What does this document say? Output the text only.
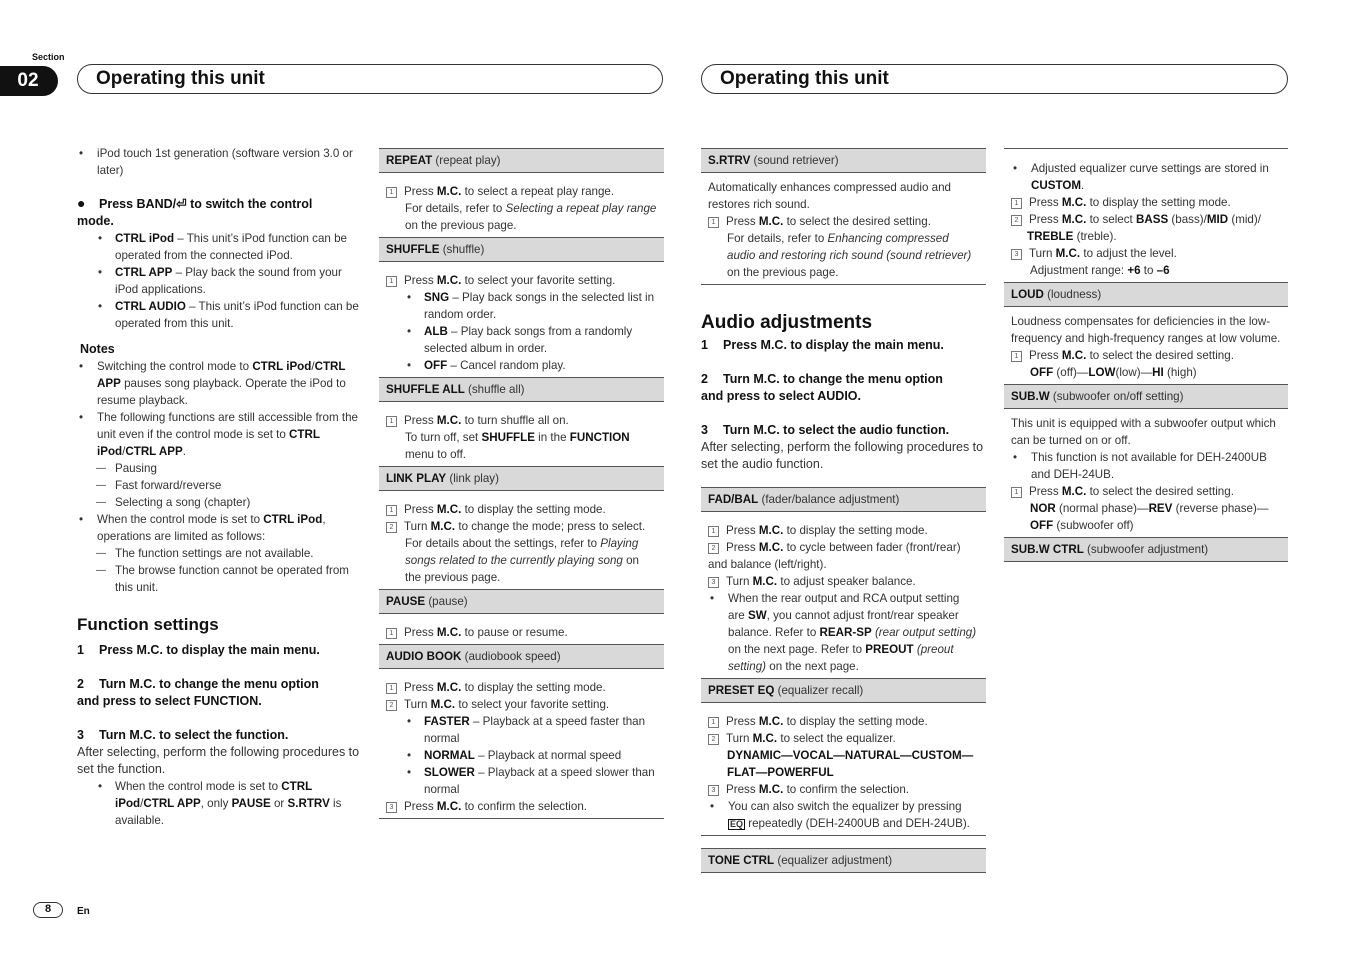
Section
02	Operating this unit	Operating this unit

• iPod touch 1st generation (software version 3.0 or later)

● Press BAND/⏎ to switch the control

mode.

• CTRL iPod – This unit’s iPod function can be operated from the connected iPod.

• CTRL APP – Play back the sound from your iPod applications.

• CTRL AUDIO – This unit’s iPod function can be operated from this unit.

Notes

• Switching the control mode to CTRL iPod/CTRL APP pauses song playback. Operate the iPod to resume playback.

• The following functions are still accessible from the unit even if the control mode is set to CTRL iPod/CTRL APP.

— Pausing

— Fast forward/reverse

— Selecting a song (chapter)

• When the control mode is set to CTRL iPod, operations are limited as follows:

— The function settings are not available.

— The browse function cannot be operated from this unit.

Function settings

1 Press M.C. to display the main menu.

2 Turn M.C. to change the menu option

and press to select FUNCTION.

3 Turn M.C. to select the function.

After selecting, perform the following procedures to set the function.

• When the control mode is set to CTRL iPod/CTRL APP, only PAUSE or S.RTRV is available.

REPEAT (repeat play)

1 Press M.C. to select a repeat play range.

For details, refer to Selecting a repeat play range on the previous page.

SHUFFLE (shuffle)

1 Press M.C. to select your favorite setting.

• SNG – Play back songs in the selected list in random order.

• ALB – Play back songs from a randomly selected album in order.

• OFF – Cancel random play.

SHUFFLE ALL (shuffle all)

1 Press M.C. to turn shuffle all on.

To turn off, set SHUFFLE in the FUNCTION menu to off.

LINK PLAY (link play)

1 Press M.C. to display the setting mode.

2 Turn M.C. to change the mode; press to select.

For details about the settings, refer to Playing songs related to the currently playing song on the previous page.

PAUSE (pause)

1 Press M.C. to pause or resume.

AUDIO BOOK (audiobook speed)

1 Press M.C. to display the setting mode.

2 Turn M.C. to select your favorite setting.

• FASTER – Playback at a speed faster than normal

• NORMAL – Playback at normal speed

• SLOWER – Playback at a speed slower than normal

3 Press M.C. to confirm the selection.

S.RTRV (sound retriever)

Automatically enhances compressed audio and restores rich sound.

1 Press M.C. to select the desired setting.

For details, refer to Enhancing compressed audio and restoring rich sound (sound retriever) on the previous page.

Audio adjustments

1 Press M.C. to display the main menu.

2 Turn M.C. to change the menu option

and press to select AUDIO.

3 Turn M.C. to select the audio function.

After selecting, perform the following procedures to set the audio function.

FAD/BAL (fader/balance adjustment)

1 Press M.C. to display the setting mode.

2 Press M.C. to cycle between fader (front/rear) and balance (left/right).

3 Turn M.C. to adjust speaker balance.

• When the rear output and RCA output setting are SW, you cannot adjust front/rear speaker balance. Refer to REAR-SP (rear output setting) on the next page. Refer to PREOUT (preout setting) on the next page.

PRESET EQ (equalizer recall)

1 Press M.C. to display the setting mode.

2 Turn M.C. to select the equalizer.

DYNAMIC—VOCAL—NATURAL—CUSTOM—FLAT—POWERFUL

3 Press M.C. to confirm the selection.

• You can also switch the equalizer by pressing
EQ repeatedly (DEH-2400UB and DEH-24UB).

TONE CTRL (equalizer adjustment)

• Adjusted equalizer curve settings are stored in CUSTOM.

1 Press M.C. to display the setting mode.

2 Press M.C. to select BASS (bass)/MID (mid)/
TREBLE (treble).

3 Turn M.C. to adjust the level.

Adjustment range: +6 to –6

LOUD (loudness)

Loudness compensates for deficiencies in the low-frequency and high-frequency ranges at low volume.

1 Press M.C. to select the desired setting.

OFF (off)—LOW(low)—HI (high)

SUB.W (subwoofer on/off setting)

This unit is equipped with a subwoofer output which can be turned on or off.

• This function is not available for DEH-2400UB and DEH-24UB.

1 Press M.C. to select the desired setting.

NOR (normal phase)—REV (reverse phase)—OFF (subwoofer off)

SUB.W CTRL (subwoofer adjustment)
8	En
